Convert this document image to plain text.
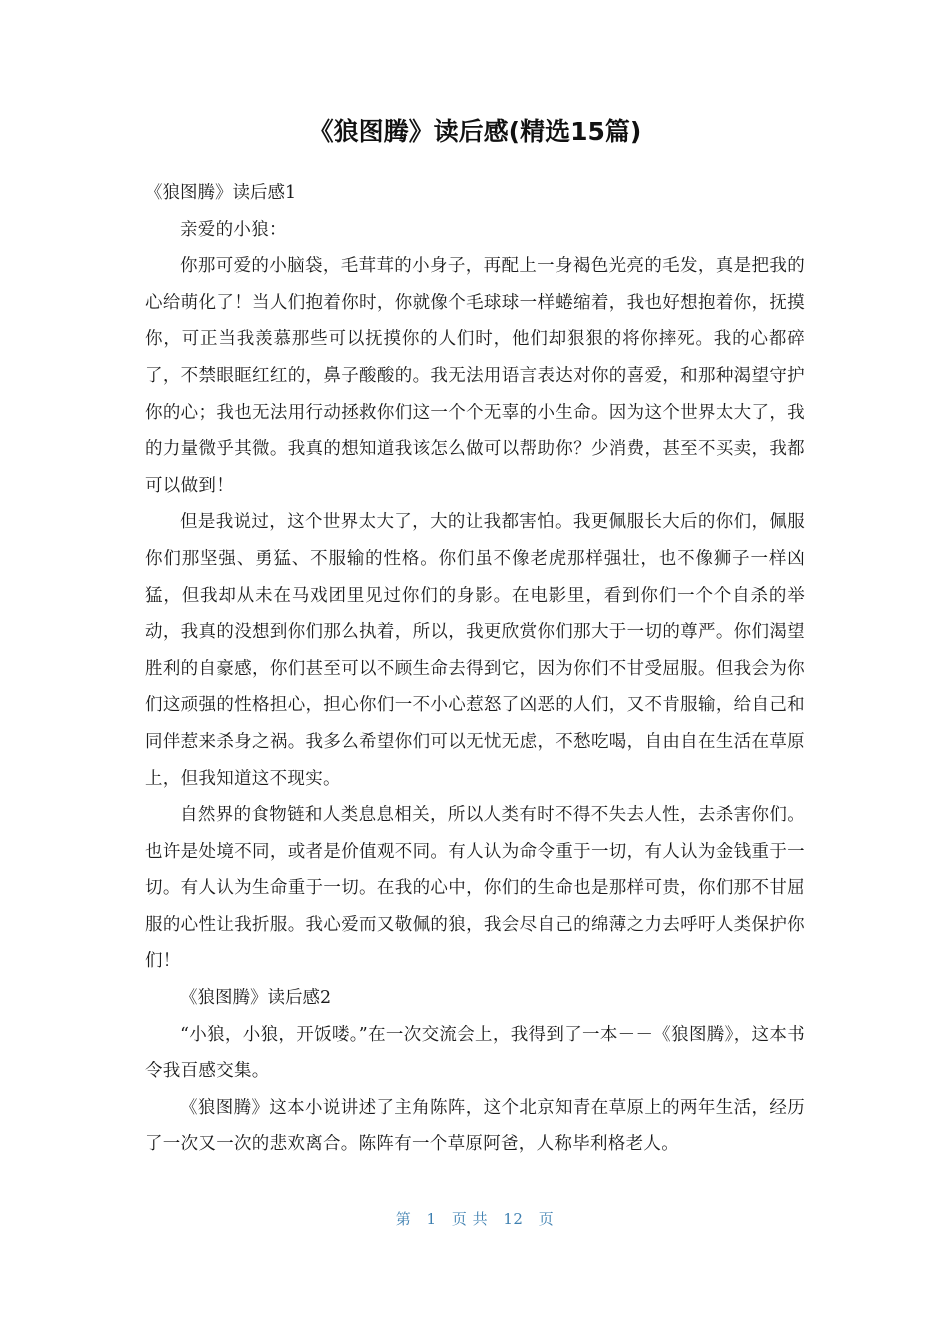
《狼图腾》读后感(精选15篇)

《狼图腾》读后感1

亲爱的小狼：

你那可爱的小脑袋，毛茸茸的小身子，再配上一身褐色光亮的毛发，真是把我的心给萌化了！当人们抱着你时，你就像个毛球球一样蜷缩着，我也好想抱着你，抚摸你，可正当我羡慕那些可以抚摸你的人们时，他们却狠狠的将你摔死。我的心都碎了，不禁眼眶红红的，鼻子酸酸的。我无法用语言表达对你的喜爱，和那种渴望守护你的心；我也无法用行动拯救你们这一个个无辜的小生命。因为这个世界太大了，我的力量微乎其微。我真的想知道我该怎么做可以帮助你？少消费，甚至不买卖，我都可以做到！

但是我说过，这个世界太大了，大的让我都害怕。我更佩服长大后的你们，佩服你们那坚强、勇猛、不服输的性格。你们虽不像老虎那样强壮，也不像狮子一样凶猛，但我却从未在马戏团里见过你们的身影。在电影里，看到你们一个个自杀的举动，我真的没想到你们那么执着，所以，我更欣赏你们那大于一切的尊严。你们渴望胜利的自豪感，你们甚至可以不顾生命去得到它，因为你们不甘受屈服。但我会为你们这顽强的性格担心，担心你们一不小心惹怒了凶恶的人们，又不肯服输，给自己和同伴惹来杀身之祸。我多么希望你们可以无忧无虑，不愁吃喝，自由自在生活在草原上，但我知道这不现实。

自然界的食物链和人类息息相关，所以人类有时不得不失去人性，去杀害你们。也许是处境不同，或者是价值观不同。有人认为命令重于一切，有人认为金钱重于一切。有人认为生命重于一切。在我的心中，你们的生命也是那样可贵，你们那不甘屈服的心性让我折服。我心爱而又敬佩的狼，我会尽自己的绵薄之力去呼吁人类保护你们！

《狼图腾》读后感2

“小狼，小狼，开饭喽。”在一次交流会上，我得到了一本－－《狼图腾》，这本书令我百感交集。

《狼图腾》这本小说讲述了主角陈阵，这个北京知青在草原上的两年生活，经历了一次又一次的悲欢离合。陈阵有一个草原阿爸，人称毕利格老人。

第 1 页 共 12 页
